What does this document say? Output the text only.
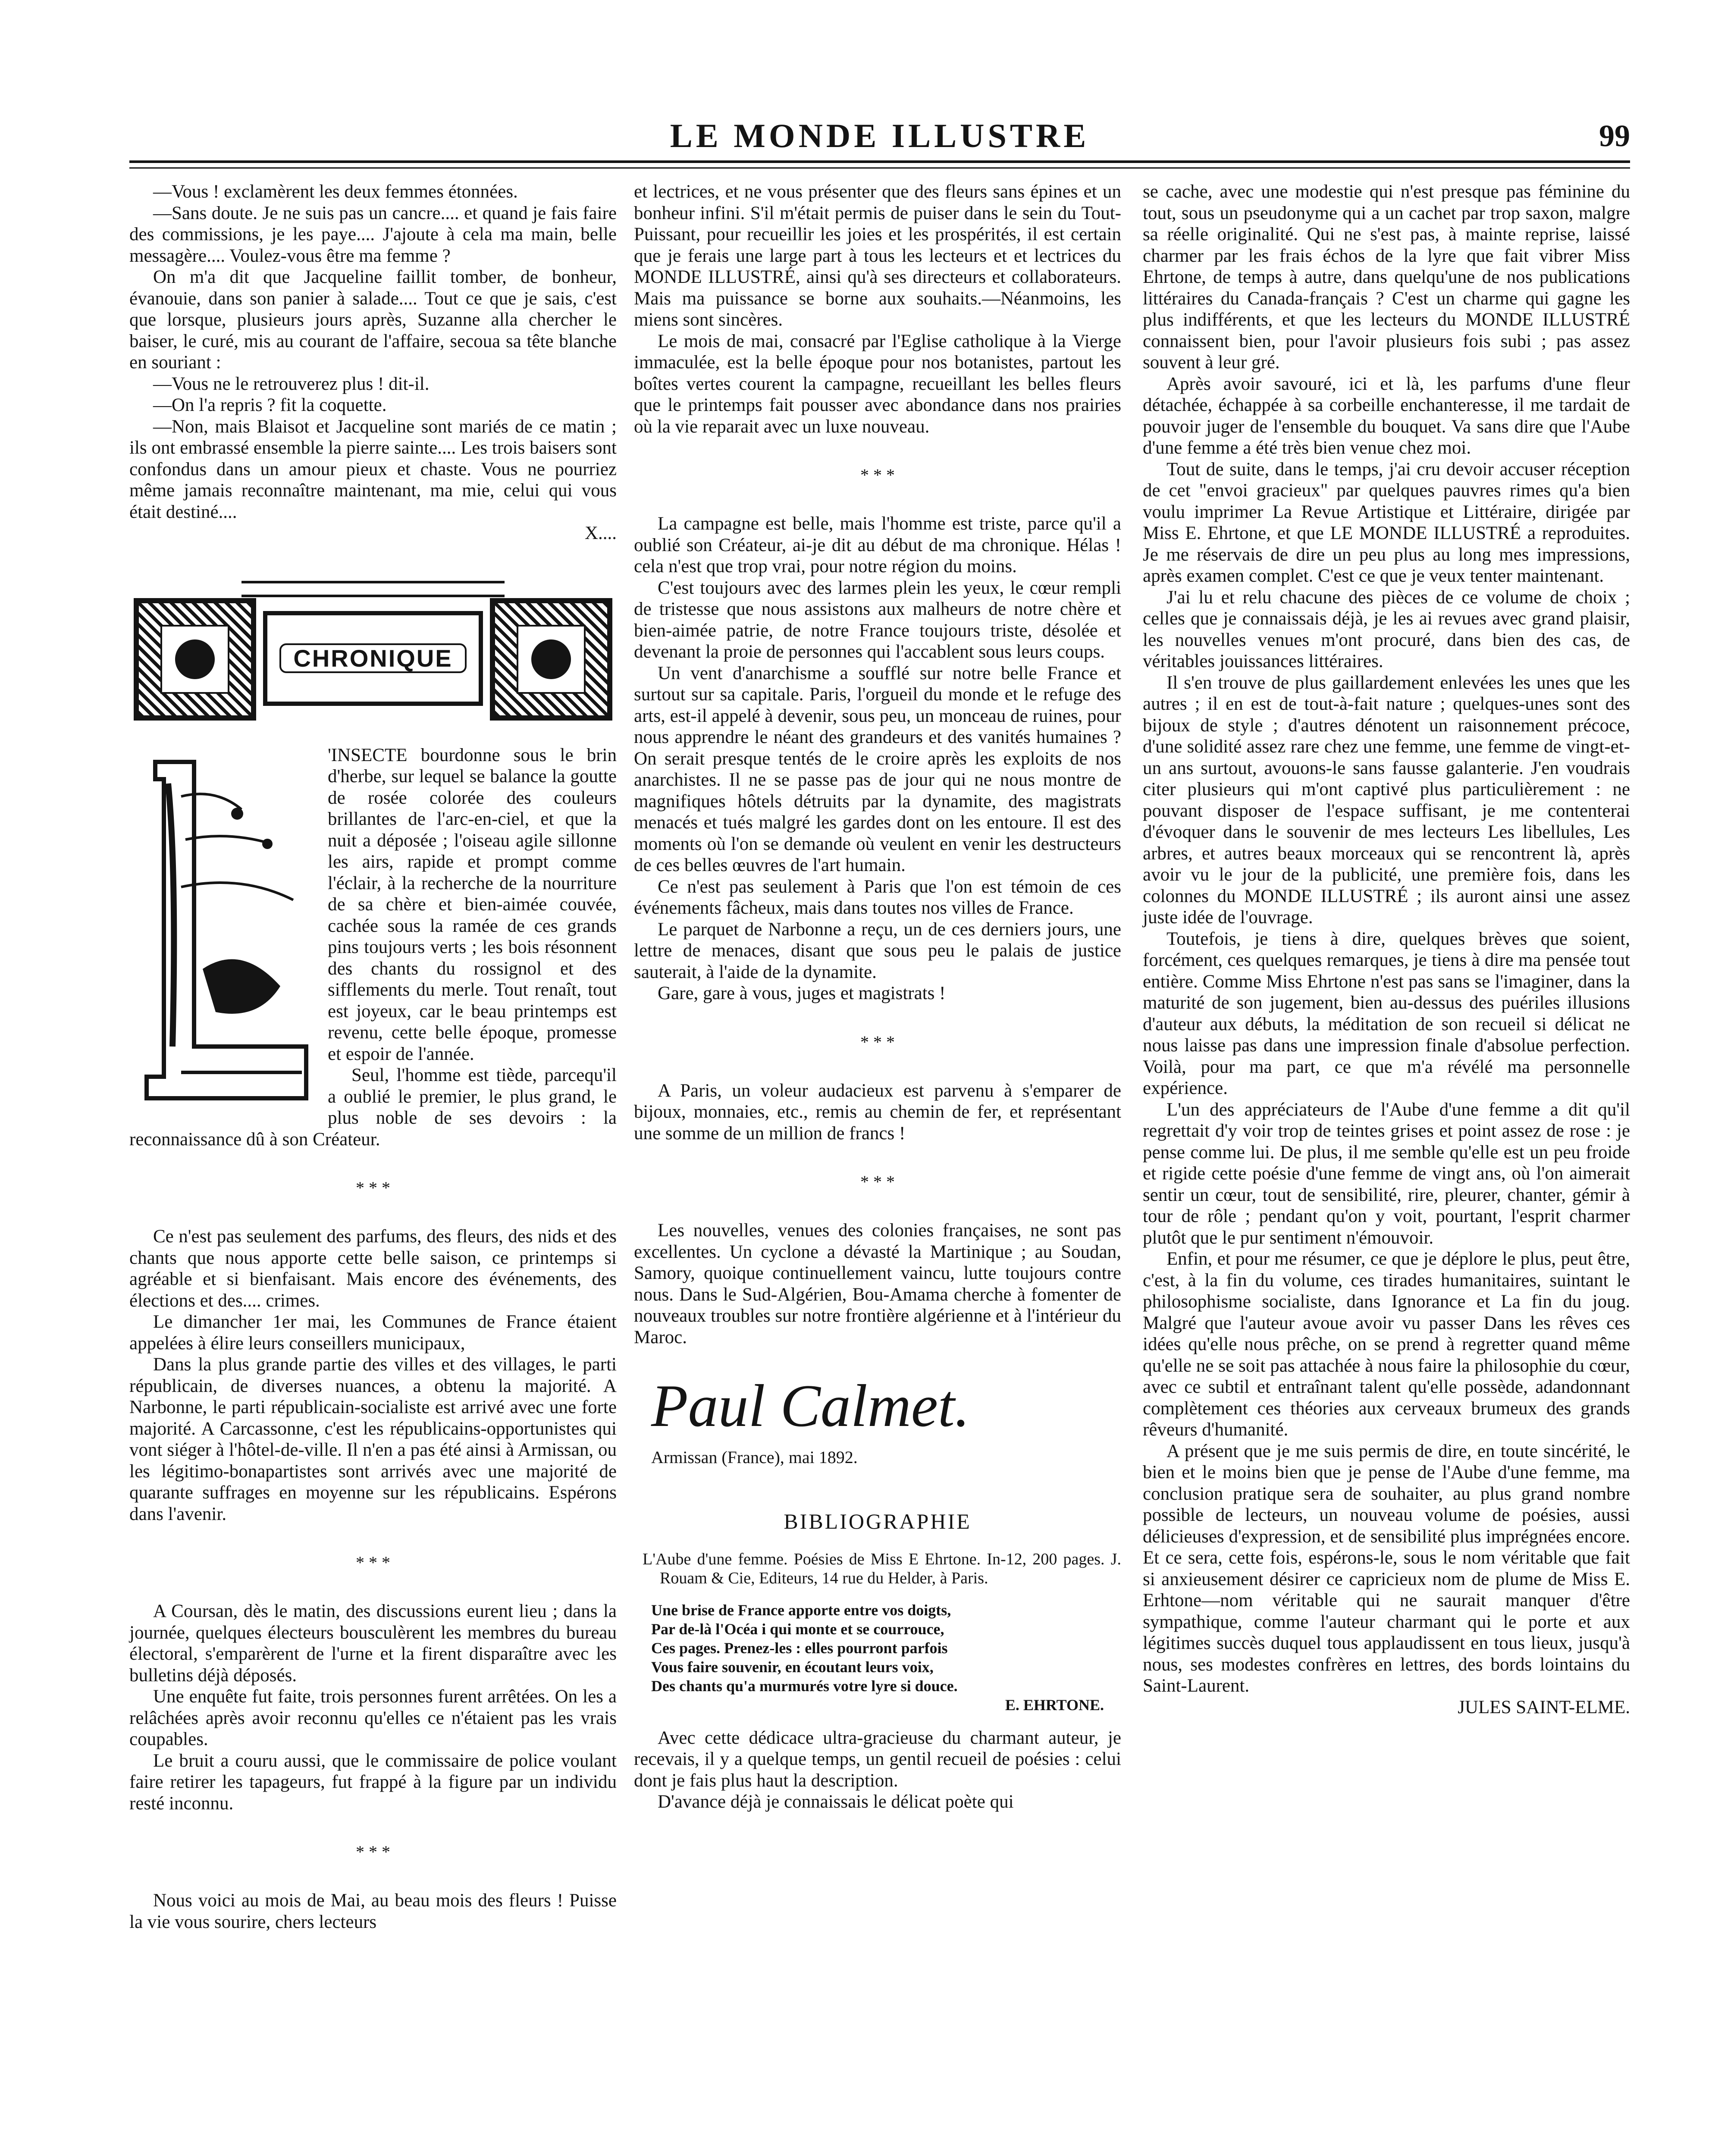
LE MONDE ILLUSTRE	99

—Vous ! exclamèrent les deux femmes étonnées.

—Sans doute. Je ne suis pas un cancre.... et quand je fais faire des commissions, je les paye.... J'ajoute à cela ma main, belle messagère.... Voulez-vous être ma femme ?

On m'a dit que Jacqueline faillit tomber, de bonheur, évanouie, dans son panier à salade.... Tout ce que je sais, c'est que lorsque, plusieurs jours après, Suzanne alla chercher le baiser, le curé, mis au courant de l'affaire, secoua sa tête blanche en souriant :

—Vous ne le retrouverez plus ! dit-il.

—On l'a repris ? fit la coquette.

—Non, mais Blaisot et Jacqueline sont mariés de ce matin ; ils ont embrassé ensemble la pierre sainte.... Les trois baisers sont confondus dans un amour pieux et chaste. Vous ne pourriez même jamais reconnaître maintenant, ma mie, celui qui vous était destiné....

X....

CHRONIQUE

'INSECTE bourdonne sous le brin d'herbe, sur lequel se balance la goutte de rosée colorée des couleurs brillantes de l'arc-en-ciel, et que la nuit a déposée ; l'oiseau agile sillonne les airs, rapide et prompt comme l'éclair, à la recherche de la nourriture de sa chère et bien-aimée couvée, cachée sous la ramée de ces grands pins toujours verts ; les bois résonnent des chants du rossignol et des sifflements du merle. Tout renaît, tout est joyeux, car le beau printemps est revenu, cette belle époque, promesse et espoir de l'année.

Seul, l'homme est tiède, parcequ'il a oublié le premier, le plus grand, le plus noble de ses devoirs : la reconnaissance dû à son Créateur.

* * *

Ce n'est pas seulement des parfums, des fleurs, des nids et des chants que nous apporte cette belle saison, ce printemps si agréable et si bienfaisant. Mais encore des événements, des élections et des.... crimes.

Le dimancher 1er mai, les Communes de France étaient appelées à élire leurs conseillers municipaux,

Dans la plus grande partie des villes et des villages, le parti républicain, de diverses nuances, a obtenu la majorité. A Narbonne, le parti républicain-socialiste est arrivé avec une forte majorité. A Carcassonne, c'est les républicains-opportunistes qui vont siéger à l'hôtel-de-ville. Il n'en a pas été ainsi à Armissan, ou les légitimo-bonapartistes sont arrivés avec une majorité de quarante suffrages en moyenne sur les républicains. Espérons dans l'avenir.

* * *

A Coursan, dès le matin, des discussions eurent lieu ; dans la journée, quelques électeurs bousculèrent les membres du bureau électoral, s'emparèrent de l'urne et la firent disparaître avec les bulletins déjà déposés.

Une enquête fut faite, trois personnes furent arrêtées. On les a relâchées après avoir reconnu qu'elles ce n'étaient pas les vrais coupables.

Le bruit a couru aussi, que le commissaire de police voulant faire retirer les tapageurs, fut frappé à la figure par un individu resté inconnu.

* * *

Nous voici au mois de Mai, au beau mois des fleurs ! Puisse la vie vous sourire, chers lecteurs

et lectrices, et ne vous présenter que des fleurs sans épines et un bonheur infini. S'il m'était permis de puiser dans le sein du Tout-Puissant, pour recueillir les joies et les prospérités, il est certain que je ferais une large part à tous les lecteurs et et lectrices du MONDE ILLUSTRÉ, ainsi qu'à ses directeurs et collaborateurs. Mais ma puissance se borne aux souhaits.—Néanmoins, les miens sont sincères.

Le mois de mai, consacré par l'Eglise catholique à la Vierge immaculée, est la belle époque pour nos botanistes, partout les boîtes vertes courent la campagne, recueillant les belles fleurs que le printemps fait pousser avec abondance dans nos prairies où la vie reparait avec un luxe nouveau.

* * *

La campagne est belle, mais l'homme est triste, parce qu'il a oublié son Créateur, ai-je dit au début de ma chronique. Hélas ! cela n'est que trop vrai, pour notre région du moins.

C'est toujours avec des larmes plein les yeux, le cœur rempli de tristesse que nous assistons aux malheurs de notre chère et bien-aimée patrie, de notre France toujours triste, désolée et devenant la proie de personnes qui l'accablent sous leurs coups.

Un vent d'anarchisme a soufflé sur notre belle France et surtout sur sa capitale. Paris, l'orgueil du monde et le refuge des arts, est-il appelé à devenir, sous peu, un monceau de ruines, pour nous apprendre le néant des grandeurs et des vanités humaines ? On serait presque tentés de le croire après les exploits de nos anarchistes. Il ne se passe pas de jour qui ne nous montre de magnifiques hôtels détruits par la dynamite, des magistrats menacés et tués malgré les gardes dont on les entoure. Il est des moments où l'on se demande où veulent en venir les destructeurs de ces belles œuvres de l'art humain.

Ce n'est pas seulement à Paris que l'on est témoin de ces événements fâcheux, mais dans toutes nos villes de France.

Le parquet de Narbonne a reçu, un de ces derniers jours, une lettre de menaces, disant que sous peu le palais de justice sauterait, à l'aide de la dynamite.

Gare, gare à vous, juges et magistrats !

* * *

A Paris, un voleur audacieux est parvenu à s'emparer de bijoux, monnaies, etc., remis au chemin de fer, et représentant une somme de un million de francs !

* * *

Les nouvelles, venues des colonies françaises, ne sont pas excellentes. Un cyclone a dévasté la Martinique ; au Soudan, Samory, quoique continuellement vaincu, lutte toujours contre nous. Dans le Sud-Algérien, Bou-Amama cherche à fomenter de nouveaux troubles sur notre frontière algérienne et à l'intérieur du Maroc.

Paul Calmet.
Armissan (France), mai 1892.
BIBLIOGRAPHIE
L'Aube d'une femme. Poésies de Miss E Ehrtone. In-12, 200 pages. J. Rouam & Cie, Editeurs, 14 rue du Helder, à Paris.
Une brise de France apporte entre vos doigts,
Par de-là l'Océa i qui monte et se courrouce,
Ces pages. Prenez-les : elles pourront parfois
Vous faire souvenir, en écoutant leurs voix,
Des chants qu'a murmurés votre lyre si douce.
E. EHRTONE.

Avec cette dédicace ultra-gracieuse du charmant auteur, je recevais, il y a quelque temps, un gentil recueil de poésies : celui dont je fais plus haut la description.

D'avance déjà je connaissais le délicat poète qui

se cache, avec une modestie qui n'est presque pas féminine du tout, sous un pseudonyme qui a un cachet par trop saxon, malgre sa réelle originalité. Qui ne s'est pas, à mainte reprise, laissé charmer par les frais échos de la lyre que fait vibrer Miss Ehrtone, de temps à autre, dans quelqu'une de nos publications littéraires du Canada-français ? C'est un charme qui gagne les plus indifférents, et que les lecteurs du MONDE ILLUSTRÉ connaissent bien, pour l'avoir plusieurs fois subi ; pas assez souvent à leur gré.

Après avoir savouré, ici et là, les parfums d'une fleur détachée, échappée à sa corbeille enchanteresse, il me tardait de pouvoir juger de l'ensemble du bouquet. Va sans dire que l'Aube d'une femme a été très bien venue chez moi.

Tout de suite, dans le temps, j'ai cru devoir accuser réception de cet "envoi gracieux" par quelques pauvres rimes qu'a bien voulu imprimer La Revue Artistique et Littéraire, dirigée par Miss E. Ehrtone, et que LE MONDE ILLUSTRÉ a reproduites. Je me réservais de dire un peu plus au long mes impressions, après examen complet. C'est ce que je veux tenter maintenant.

J'ai lu et relu chacune des pièces de ce volume de choix ; celles que je connaissais déjà, je les ai revues avec grand plaisir, les nouvelles venues m'ont procuré, dans bien des cas, de véritables jouissances littéraires.

Il s'en trouve de plus gaillardement enlevées les unes que les autres ; il en est de tout-à-fait nature ; quelques-unes sont des bijoux de style ; d'autres dénotent un raisonnement précoce, d'une solidité assez rare chez une femme, une femme de vingt-et-un ans surtout, avouons-le sans fausse galanterie. J'en voudrais citer plusieurs qui m'ont captivé plus particulièrement : ne pouvant disposer de l'espace suffisant, je me contenterai d'évoquer dans le souvenir de mes lecteurs Les libellules, Les arbres, et autres beaux morceaux qui se rencontrent là, après avoir vu le jour de la publicité, une première fois, dans les colonnes du MONDE ILLUSTRÉ ; ils auront ainsi une assez juste idée de l'ouvrage.

Toutefois, je tiens à dire, quelques brèves que soient, forcément, ces quelques remarques, je tiens à dire ma pensée tout entière. Comme Miss Ehrtone n'est pas sans se l'imaginer, dans la maturité de son jugement, bien au-dessus des puériles illusions d'auteur aux débuts, la méditation de son recueil si délicat ne nous laisse pas dans une impression finale d'absolue perfection. Voilà, pour ma part, ce que m'a révélé ma personnelle expérience.

L'un des appréciateurs de l'Aube d'une femme a dit qu'il regrettait d'y voir trop de teintes grises et point assez de rose : je pense comme lui. De plus, il me semble qu'elle est un peu froide et rigide cette poésie d'une femme de vingt ans, où l'on aimerait sentir un cœur, tout de sensibilité, rire, pleurer, chanter, gémir à tour de rôle ; pendant qu'on y voit, pourtant, l'esprit charmer plutôt que le pur sentiment n'émouvoir.

Enfin, et pour me résumer, ce que je déplore le plus, peut être, c'est, à la fin du volume, ces tirades humanitaires, suintant le philosophisme socialiste, dans Ignorance et La fin du joug. Malgré que l'auteur avoue avoir vu passer Dans les rêves ces idées qu'elle nous prêche, on se prend à regretter quand même qu'elle ne se soit pas attachée à nous faire la philosophie du cœur, avec ce subtil et entraînant talent qu'elle possède, adandonnant complètement ces théories aux cerveaux brumeux des grands rêveurs d'humanité.

A présent que je me suis permis de dire, en toute sincérité, le bien et le moins bien que je pense de l'Aube d'une femme, ma conclusion pratique sera de souhaiter, au plus grand nombre possible de lecteurs, un nouveau volume de poésies, aussi délicieuses d'expression, et de sensibilité plus imprégnées encore. Et ce sera, cette fois, espérons-le, sous le nom véritable que fait si anxieusement désirer ce capricieux nom de plume de Miss E. Erhtone—nom véritable qui ne saurait manquer d'être sympathique, comme l'auteur charmant qui le porte et aux légitimes succès duquel tous applaudissent en tous lieux, jusqu'à nous, ses modestes confrères en lettres, des bords lointains du Saint-Laurent.

JULES SAINT-ELME.
